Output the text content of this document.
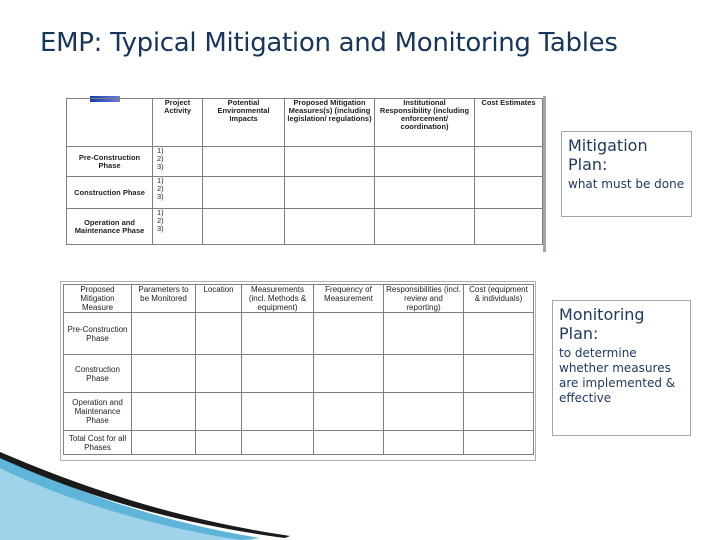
EMP: Typical Mitigation and Monitoring Tables
	Project Activity	Potential Environmental Impacts	Proposed Mitigation Measures(s) (including legislation/ regulations)	Institutional Responsibility (including enforcement/ coordination)	Cost Estimates
Pre-Construction Phase	1)
2)
3)				
Construction Phase	1)
2)
3)				
Operation and Maintenance Phase	1)
2)
3)				
Mitigation Plan:
what must be done
Proposed Mitigation Measure	Parameters to be Monitored	Location	Measurements (incl. Methods & equipment)	Frequency of Measurement	Responsibilities (incl. review and reporting)	Cost (equipment & individuals)
Pre-Construction Phase						
Construction Phase						
Operation and Maintenance Phase						
Total Cost for all Phases						
Monitoring Plan:
to determine whether measures are implemented & effective
